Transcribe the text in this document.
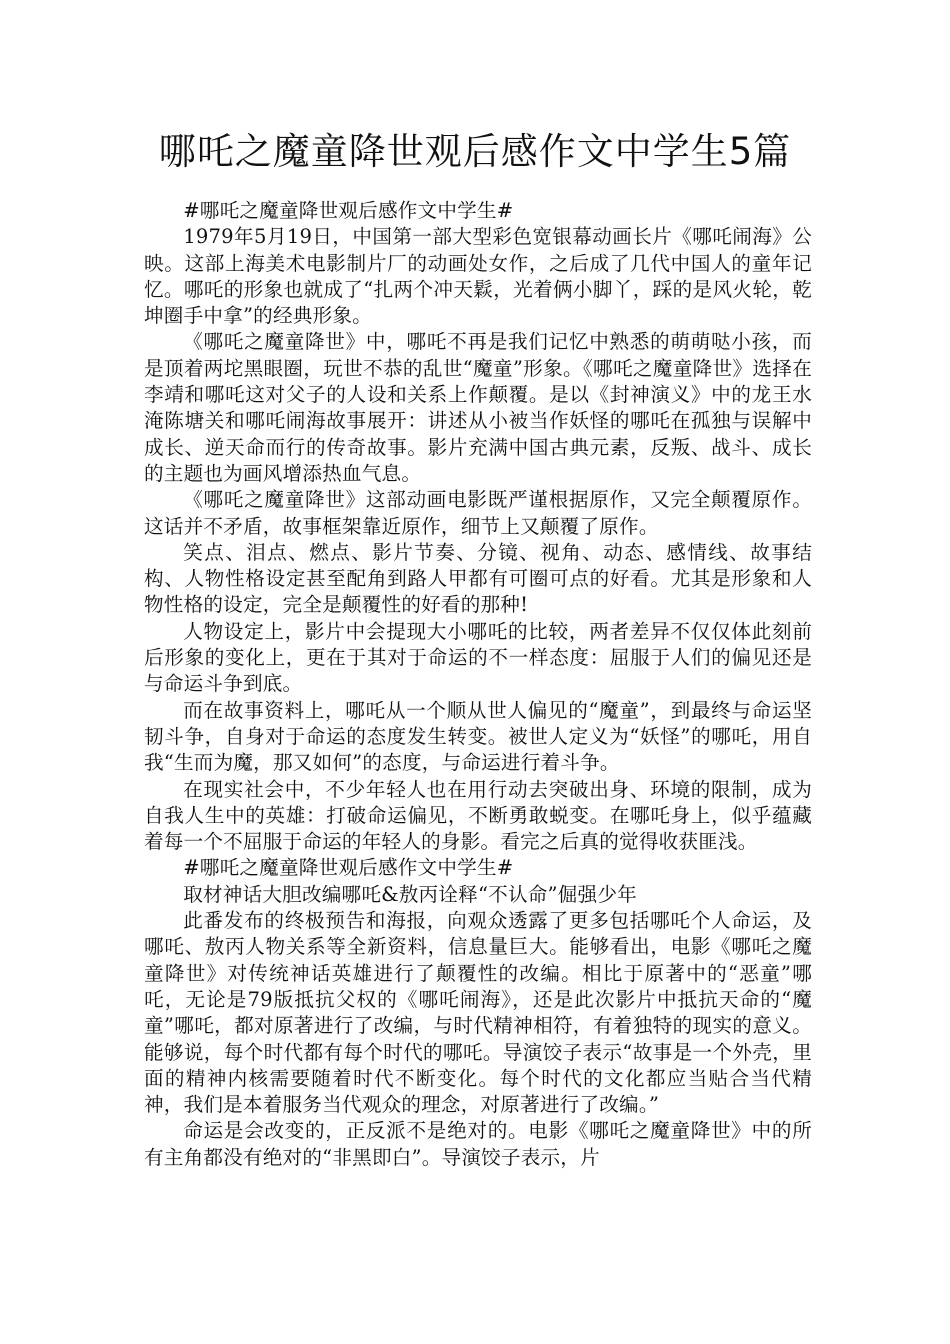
哪吒之魔童降世观后感作文中学生5篇

#哪吒之魔童降世观后感作文中学生#

1979年5月19日，中国第一部大型彩色宽银幕动画长片《哪吒闹海》公映。这部上海美术电影制片厂的动画处女作，之后成了几代中国人的童年记忆。哪吒的形象也就成了“扎两个冲天鬏，光着俩小脚丫，踩的是风火轮，乾坤圈手中拿”的经典形象。

《哪吒之魔童降世》中，哪吒不再是我们记忆中熟悉的萌萌哒小孩，而是顶着两坨黑眼圈，玩世不恭的乱世“魔童”形象。《哪吒之魔童降世》选择在李靖和哪吒这对父子的人设和关系上作颠覆。是以《封神演义》中的龙王水淹陈塘关和哪吒闹海故事展开：讲述从小被当作妖怪的哪吒在孤独与误解中成长、逆天命而行的传奇故事。影片充满中国古典元素，反叛、战斗、成长的主题也为画风增添热血气息。

《哪吒之魔童降世》这部动画电影既严谨根据原作，又完全颠覆原作。这话并不矛盾，故事框架靠近原作，细节上又颠覆了原作。

笑点、泪点、燃点、影片节奏、分镜、视角、动态、感情线、故事结构、人物性格设定甚至配角到路人甲都有可圈可点的好看。尤其是形象和人物性格的设定，完全是颠覆性的好看的那种!

人物设定上，影片中会提现大小哪吒的比较，两者差异不仅仅体此刻前后形象的变化上，更在于其对于命运的不一样态度：屈服于人们的偏见还是与命运斗争到底。

而在故事资料上，哪吒从一个顺从世人偏见的“魔童”，到最终与命运坚韧斗争，自身对于命运的态度发生转变。被世人定义为“妖怪”的哪吒，用自我“生而为魔，那又如何”的态度，与命运进行着斗争。

在现实社会中，不少年轻人也在用行动去突破出身、环境的限制，成为自我人生中的英雄：打破命运偏见，不断勇敢蜕变。在哪吒身上，似乎蕴藏着每一个不屈服于命运的年轻人的身影。看完之后真的觉得收获匪浅。

#哪吒之魔童降世观后感作文中学生#

取材神话大胆改编哪吒&敖丙诠释“不认命”倔强少年

此番发布的终极预告和海报，向观众透露了更多包括哪吒个人命运，及哪吒、敖丙人物关系等全新资料，信息量巨大。能够看出，电影《哪吒之魔童降世》对传统神话英雄进行了颠覆性的改编。相比于原著中的“恶童”哪吒，无论是79版抵抗父权的《哪吒闹海》，还是此次影片中抵抗天命的“魔童”哪吒，都对原著进行了改编，与时代精神相符，有着独特的现实的意义。能够说，每个时代都有每个时代的哪吒。导演饺子表示“故事是一个外壳，里面的精神内核需要随着时代不断变化。每个时代的文化都应当贴合当代精神，我们是本着服务当代观众的理念，对原著进行了改编。”

命运是会改变的，正反派不是绝对的。电影《哪吒之魔童降世》中的所有主角都没有绝对的“非黑即白”。导演饺子表示，片
